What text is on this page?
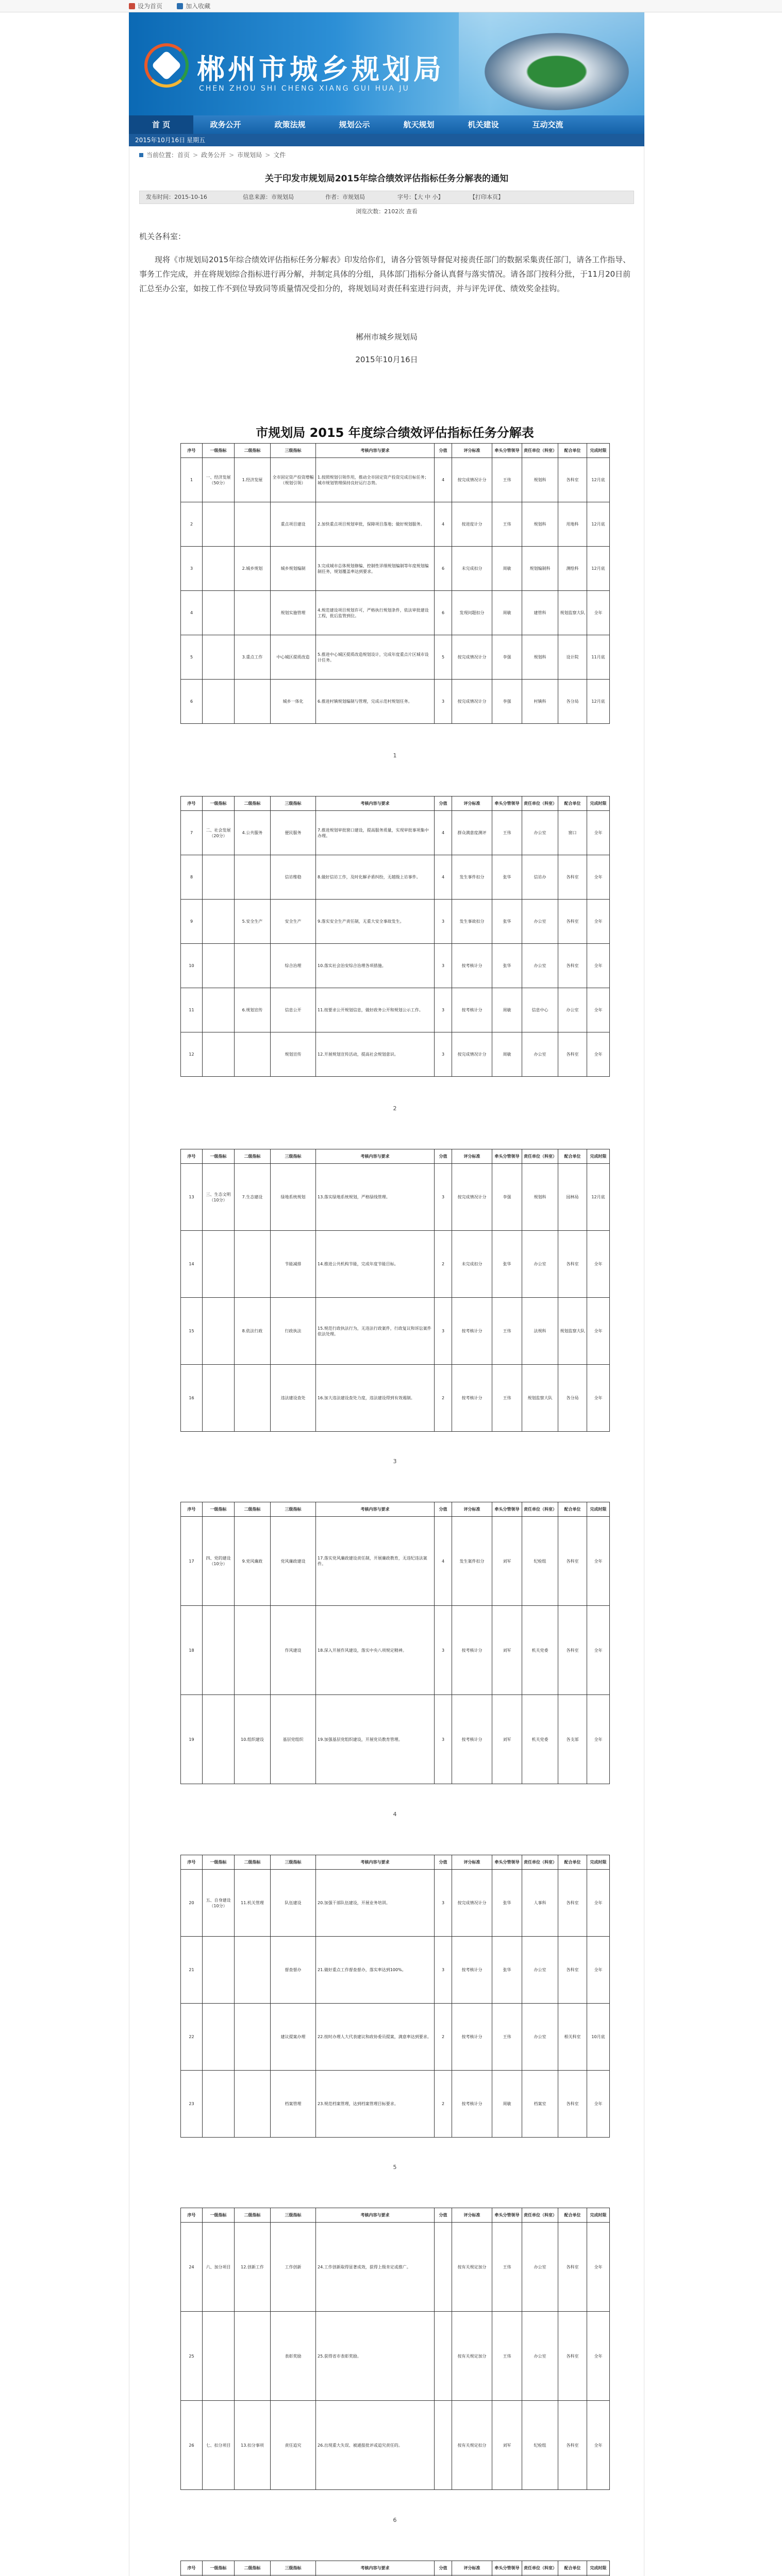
设为首页	加入收藏
郴州市城乡规划局
CHEN ZHOU SHI CHENG XIANG GUI HUA JU
首 页	政务公开	政策法规	规划公示	航天规划	机关建设	互动交流
2015年10月16日 星期五
当前位置：首页 > 政务公开 > 市规划局 > 文件
关于印发市规划局2015年综合绩效评估指标任务分解表的通知
发布时间：2015-10-16	信息来源：市规划局	作者：市规划局	字号：【大 中 小】	【打印本页】
浏览次数：2102次 查看
机关各科室：
现将《市规划局2015年综合绩效评估指标任务分解表》印发给你们，请各分管领导督促对接责任部门的数据采集责任部门，请各工作指导、事务工作完成，并在将规划综合指标进行再分解，并制定具体的分组，具体部门指标分备认真督与落实情况。请各部门按科分批，于11月20日前汇总至办公室，如按工作不到位导致同等质量情况受扣分的，将规划局对责任科室进行问责，并与评先评优、绩效奖金挂钩。
郴州市城乡规划局
2015年10月16日
市规划局 2015 年度综合绩效评估指标任务分解表
序号	一级指标	二级指标	三级指标	考核内容与要求	分值	评分标准	牵头分管领导	责任单位（科室）	配合单位	完成时限
1	一、经济发展（50分）	1.经济发展	全市固定资产投资增幅（规划引领）	1.按照规划引领作用，推动全市固定资产投资完成目标任务；城市规划管理保持良好运行态势。	4	按完成情况计分	王伟	规划科	各科室	12月底
2			重点项目建设	2.加快重点项目规划审批，保障项目落地；做好规划服务。	4	按进度计分	王伟	规划科	用地科	12月底
3		2.城乡规划	城乡规划编制	3.完成城市总体规划修编、控制性详细规划编制等年度规划编制任务，规划覆盖率达到要求。	6	未完成扣分	周敏	规划编制科	测绘科	12月底
4			规划实施管理	4.规范建设项目规划许可，严格执行规划条件，依法审批建设工程，批后监管到位。	6	发现问题扣分	周敏	建管科	规划监察大队	全年
5		3.重点工作	中心城区提质改造	5.推进中心城区提质改造规划设计，完成年度重点片区城市设计任务。	5	按完成情况计分	李强	规划科	设计院	11月底
6			城乡一体化	6.推进村镇规划编制与管理，完成示范村规划任务。	3	按完成情况计分	李强	村镇科	各分局	12月底
1
序号	一级指标	二级指标	三级指标	考核内容与要求	分值	评分标准	牵头分管领导	责任单位（科室）	配合单位	完成时限
7	二、社会发展（20分）	4.公共服务	便民服务	7.推进规划审批窗口建设，提高服务质量，实现审批事项集中办理。	4	群众满意度测评	王伟	办公室	窗口	全年
8			信访维稳	8.做好信访工作，及时化解矛盾纠纷，无越级上访事件。	4	发生事件扣分	张华	信访办	各科室	全年
9		5.安全生产	安全生产	9.落实安全生产责任制，无重大安全事故发生。	3	发生事故扣分	张华	办公室	各科室	全年
10			综合治理	10.落实社会治安综合治理各项措施。	3	按考核计分	张华	办公室	各科室	全年
11		6.规划宣传	信息公开	11.按要求公开规划信息，做好政务公开和规划公示工作。	3	按考核计分	周敏	信息中心	办公室	全年
12			规划宣传	12.开展规划宣传活动，提高社会规划意识。	3	按完成情况计分	周敏	办公室	各科室	全年
2
序号	一级指标	二级指标	三级指标	考核内容与要求	分值	评分标准	牵头分管领导	责任单位（科室）	配合单位	完成时限
13	三、生态文明（10分）	7.生态建设	绿地系统规划	13.落实绿地系统规划，严格绿线管理。	3	按完成情况计分	李强	规划科	园林局	12月底
14			节能减排	14.推进公共机构节能，完成年度节能目标。	2	未完成扣分	张华	办公室	各科室	全年
15		8.依法行政	行政执法	15.规范行政执法行为，无违法行政案件，行政复议和诉讼案件依法处理。	3	按考核计分	王伟	法规科	规划监察大队	全年
16			违法建设查处	16.加大违法建设查处力度，违法建设得到有效遏制。	2	按考核计分	王伟	规划监察大队	各分局	全年
3
序号	一级指标	二级指标	三级指标	考核内容与要求	分值	评分标准	牵头分管领导	责任单位（科室）	配合单位	完成时限
17	四、党的建设（10分）	9.党风廉政	党风廉政建设	17.落实党风廉政建设责任制，开展廉政教育，无违纪违法案件。	4	发生案件扣分	刘军	纪检组	各科室	全年
18			作风建设	18.深入开展作风建设，落实中央八项规定精神。	3	按考核计分	刘军	机关党委	各科室	全年
19		10.组织建设	基层党组织	19.加强基层党组织建设，开展党员教育管理。	3	按考核计分	刘军	机关党委	各支部	全年
4
序号	一级指标	二级指标	三级指标	考核内容与要求	分值	评分标准	牵头分管领导	责任单位（科室）	配合单位	完成时限
20	五、自身建设（10分）	11.机关管理	队伍建设	20.加强干部队伍建设，开展业务培训。	3	按完成情况计分	张华	人事科	各科室	全年
21			督查督办	21.做好重点工作督查督办，落实率达到100%。	3	按考核计分	张华	办公室	各科室	全年
22			建议提案办理	22.按时办理人大代表建议和政协委员提案，满意率达到要求。	2	按考核计分	王伟	办公室	相关科室	10月底
23			档案管理	23.规范档案管理，达到档案管理目标要求。	2	按考核计分	周敏	档案室	各科室	全年
5
序号	一级指标	二级指标	三级指标	考核内容与要求	分值	评分标准	牵头分管领导	责任单位（科室）	配合单位	完成时限
24	六、加分项目	12.创新工作	工作创新	24.工作创新取得显著成效，获得上级肯定或推广。		按有关规定加分	王伟	办公室	各科室	全年
25			表彰奖励	25.获得省市表彰奖励。		按有关规定加分	王伟	办公室	各科室	全年
26	七、扣分项目	13.扣分事项	责任追究	26.出现重大失误、被通报批评或追究责任的。		按有关规定扣分	刘军	纪检组	各科室	全年
6
序号	一级指标	二级指标	三级指标	考核内容与要求	分值	评分标准	牵头分管领导	责任单位（科室）	配合单位	完成时限
